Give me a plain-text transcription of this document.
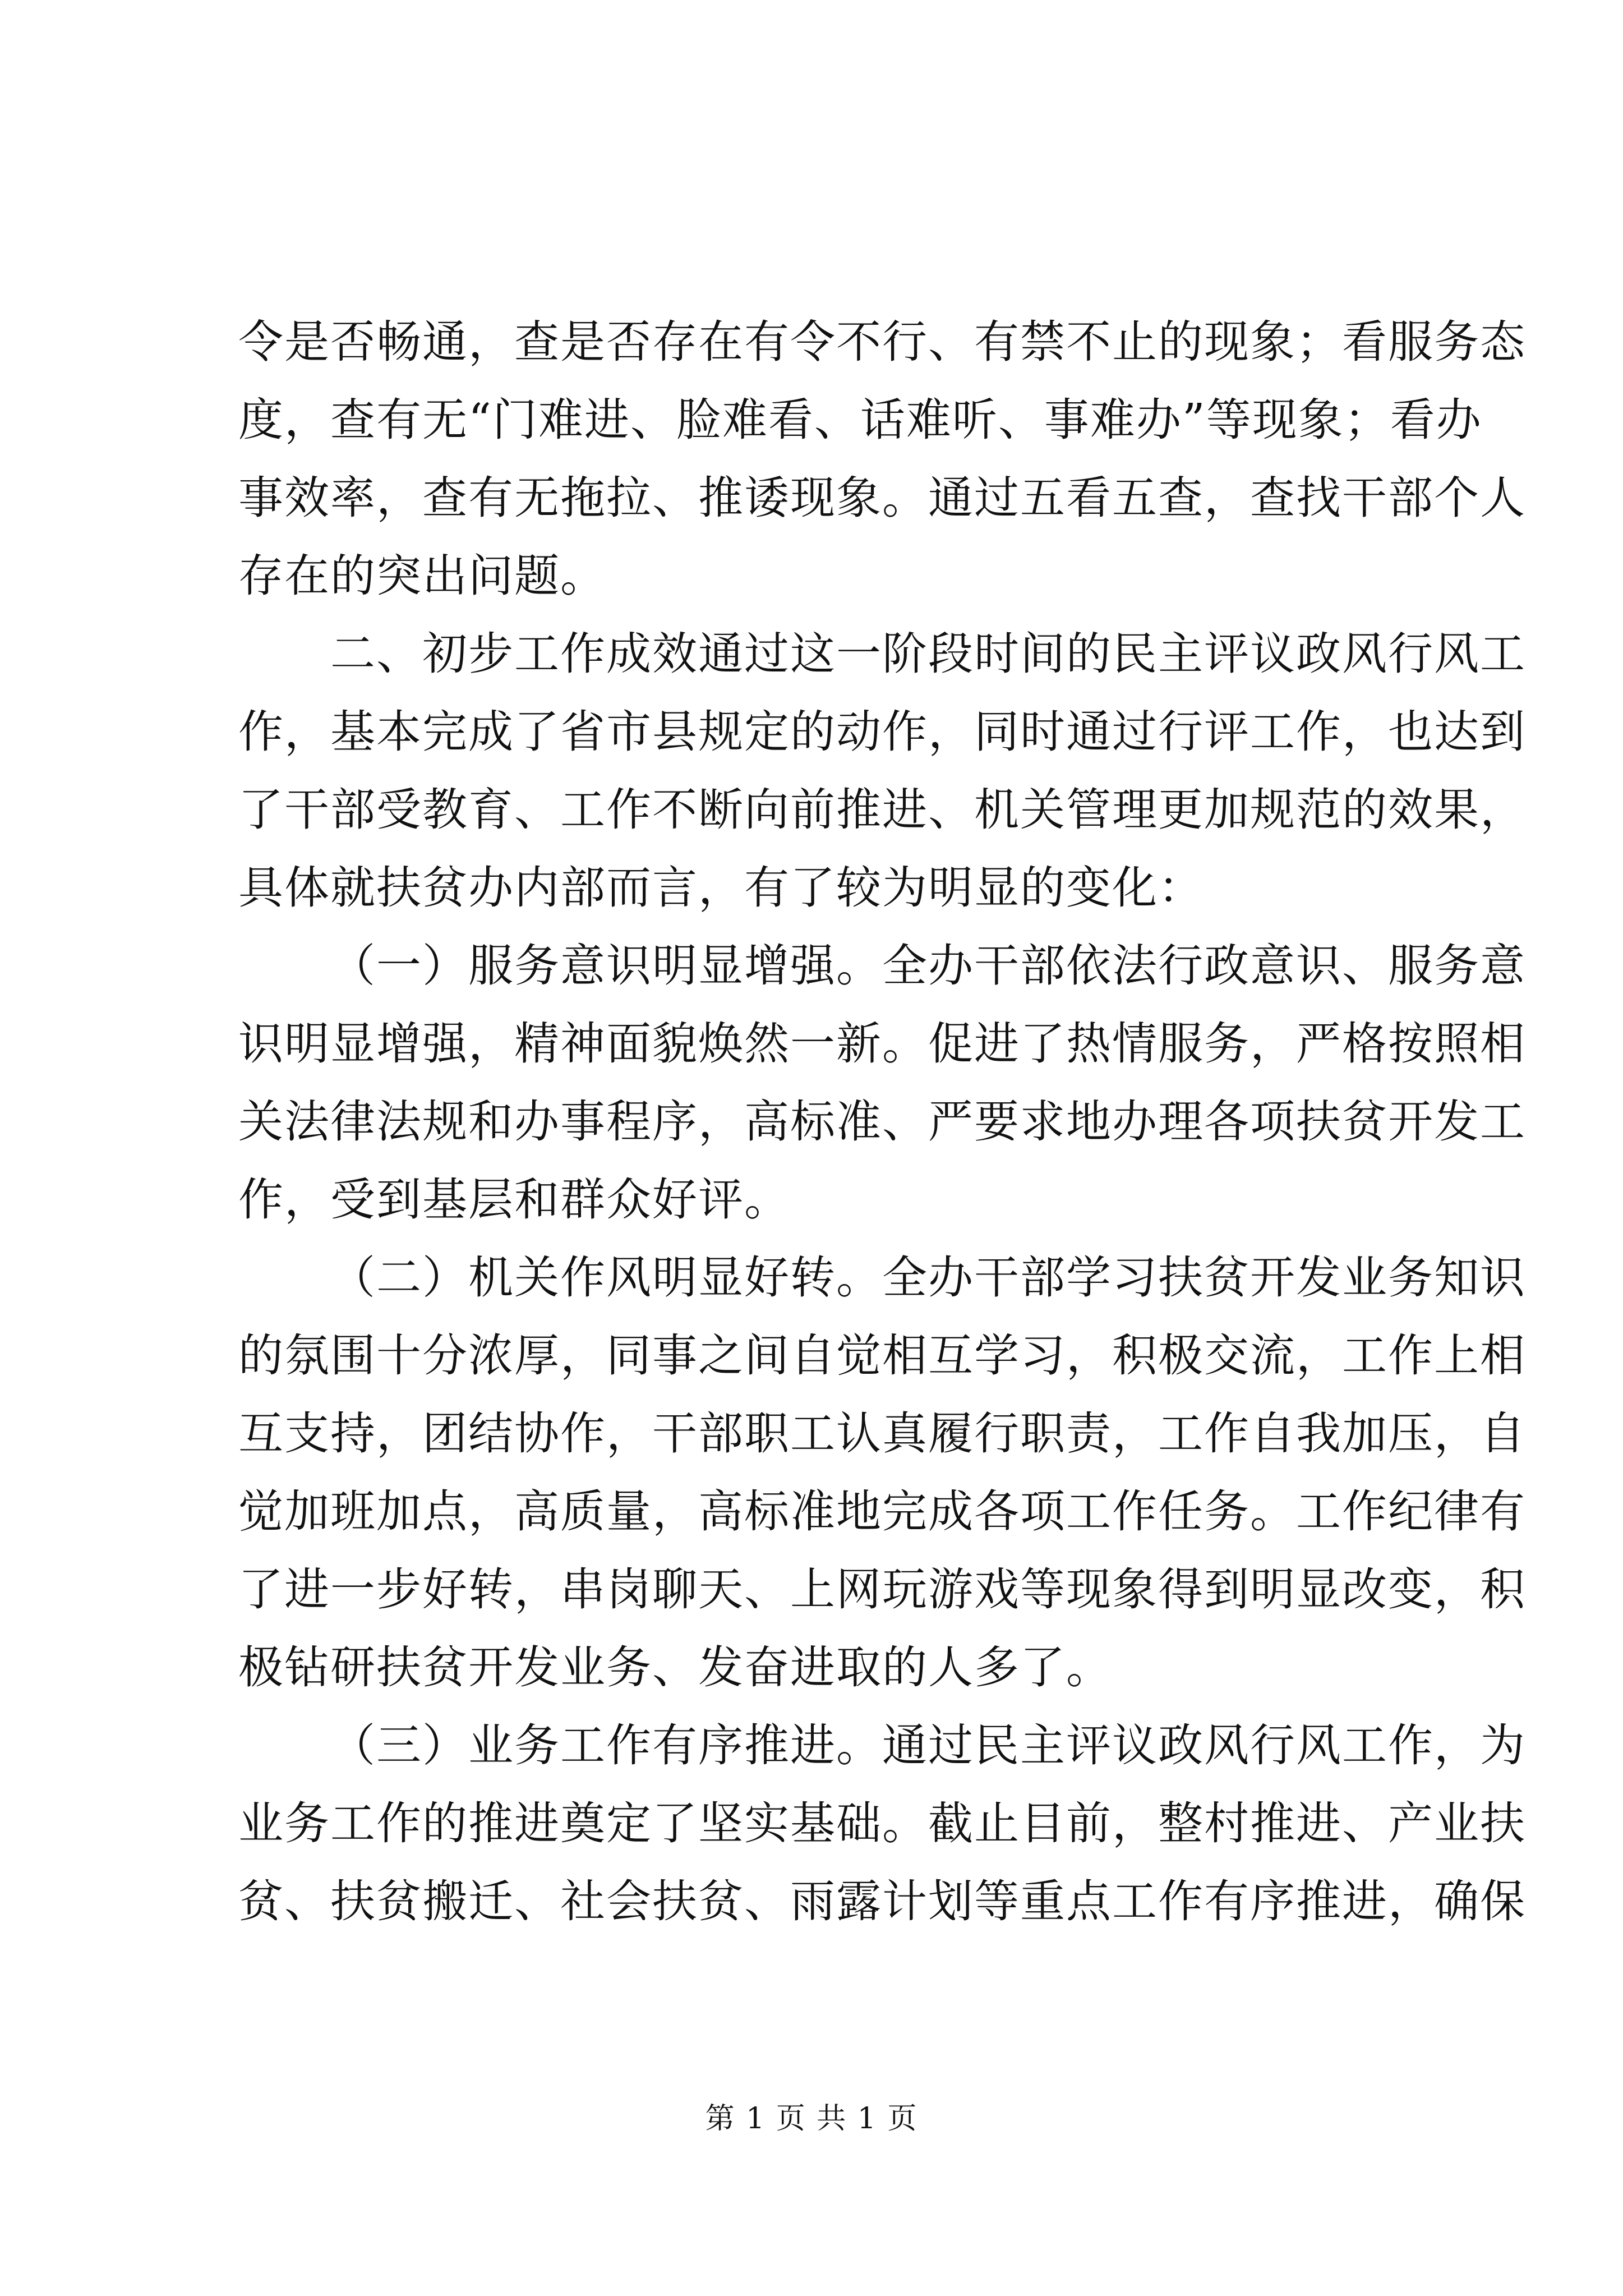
令是否畅通，查是否存在有令不行、有禁不止的现象；看服务态
度，查有无“门难进、脸难看、话难听、事难办”等现象；看办
事效率，查有无拖拉、推诿现象。通过五看五查，查找干部个人
存在的突出问题。
二、初步工作成效通过这一阶段时间的民主评议政风行风工
作，基本完成了省市县规定的动作，同时通过行评工作，也达到
了干部受教育、工作不断向前推进、机关管理更加规范的效果，
具体就扶贫办内部而言，有了较为明显的变化：
（一）服务意识明显增强。全办干部依法行政意识、服务意
识明显增强，精神面貌焕然一新。促进了热情服务，严格按照相
关法律法规和办事程序，高标准、严要求地办理各项扶贫开发工
作，受到基层和群众好评。
（二）机关作风明显好转。全办干部学习扶贫开发业务知识
的氛围十分浓厚，同事之间自觉相互学习，积极交流，工作上相
互支持，团结协作，干部职工认真履行职责，工作自我加压，自
觉加班加点，高质量，高标准地完成各项工作任务。工作纪律有
了进一步好转，串岗聊天、上网玩游戏等现象得到明显改变，积
极钻研扶贫开发业务、发奋进取的人多了。
（三）业务工作有序推进。通过民主评议政风行风工作，为
业务工作的推进奠定了坚实基础。截止目前，整村推进、产业扶
贫、扶贫搬迁、社会扶贫、雨露计划等重点工作有序推进，确保
第 1 页 共 1 页
